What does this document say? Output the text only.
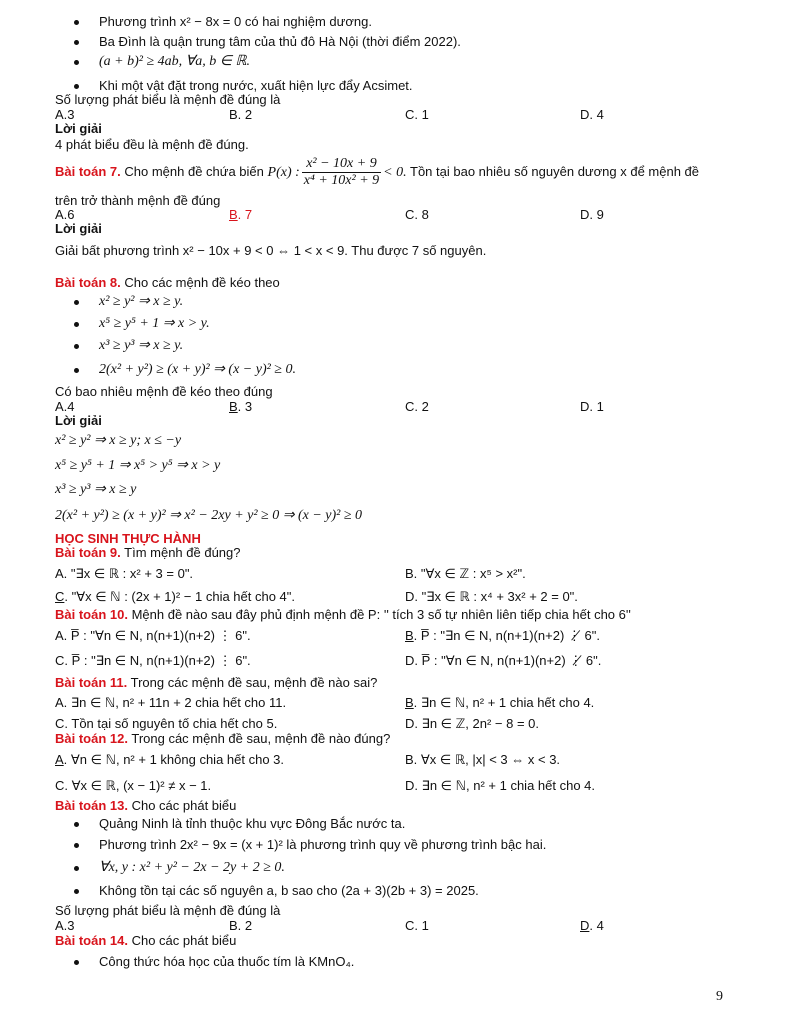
Phương trình x² − 8x = 0 có hai nghiệm dương.
Ba Đình là quận trung tâm của thủ đô Hà Nội (thời điểm 2022).
(a + b)² ≥ 4ab, ∀a, b ∈ ℝ.
Khi một vật đặt trong nước, xuất hiện lực đẩy Acsimet.
Số lượng phát biểu là mệnh đề đúng là
A.3	B. 2	C. 1	D. 4
Lời giải
4 phát biểu đều là mệnh đề đúng.
Bài toán 7. Cho mệnh đề chứa biến P(x) : $\frac{\text{x² − 10x + 9}}{\text{x⁴ + 10x² + 9}} < 0$. Tồn tại bao nhiêu số nguyên dương x để mệnh đề
trên trở thành mệnh đề đúng
A.6	B. 7	C. 8	D. 9
Lời giải
Giải bất phương trình x² − 10x + 9 < 0 ⇔ 1 < x < 9. Thu được 7 số nguyên.
Bài toán 8. Cho các mệnh đề kéo theo
x² ≥ y² ⇒ x ≥ y.
x⁵ ≥ y⁵ + 1 ⇒ x > y.
x³ ≥ y³ ⇒ x ≥ y.
2(x² + y²) ≥ (x + y)² ⇒ (x − y)² ≥ 0.
Có bao nhiêu mệnh đề kéo theo đúng
A.4	B. 3	C. 2	D. 1
Lời giải
x² ≥ y² ⇒ x ≥ y; x ≤ −y
x⁵ ≥ y⁵ + 1 ⇒ x⁵ > y⁵ ⇒ x > y
x³ ≥ y³ ⇒ x ≥ y
2(x² + y²) ≥ (x + y)² ⇒ x² − 2xy + y² ≥ 0 ⇒ (x − y)² ≥ 0
HỌC SINH THỰC HÀNH
Bài toán 9. Tìm mệnh đề đúng?
A. "∃x ∈ ℝ : x² + 3 = 0".	B. "∀x ∈ ℤ : x⁵ > x²".
C. "∀x ∈ ℕ : (2x + 1)² − 1 chia hết cho 4".	D. "∃x ∈ ℝ : x⁴ + 3x² + 2 = 0".
Bài toán 10. Mệnh đề nào sau đây phủ định mệnh đề P: '' tích 3 số tự nhiên liên tiếp chia hết cho 6''
A. P̅ : "∀n ∈ N, n(n+1)(n+2) ⋮ 6".	B. P̅ : "∃n ∈ N, n(n+1)(n+2) ⋮̸ 6".
C. P̅ : "∃n ∈ N, n(n+1)(n+2) ⋮ 6".	D. P̅ : "∀n ∈ N, n(n+1)(n+2) ⋮̸ 6".
Bài toán 11. Trong các mệnh đề sau, mệnh đề nào sai?
A. ∃n ∈ ℕ, n² + 11n + 2 chia hết cho 11.	B. ∃n ∈ ℕ, n² + 1 chia hết cho 4.
C. Tồn tại số nguyên tố chia hết cho 5.	D. ∃n ∈ ℤ, 2n² − 8 = 0.
Bài toán 12. Trong các mệnh đề sau, mệnh đề nào đúng?
A. ∀n ∈ ℕ, n² + 1 không chia hết cho 3.	B. ∀x ∈ ℝ, |x| < 3 ⇔ x < 3.
C. ∀x ∈ ℝ, (x − 1)² ≠ x − 1.	D. ∃n ∈ ℕ, n² + 1 chia hết cho 4.
Bài toán 13. Cho các phát biểu
Quảng Ninh là tỉnh thuộc khu vực Đông Bắc nước ta.
Phương trình 2x² − 9x = (x + 1)² là phương trình quy về phương trình bậc hai.
∀x, y : x² + y² − 2x − 2y + 2 ≥ 0.
Không tồn tại các số nguyên a, b sao cho (2a + 3)(2b + 3) = 2025.
Số lượng phát biểu là mệnh đề đúng là
A.3	B. 2	C. 1	D. 4
Bài toán 14. Cho các phát biểu
Công thức hóa học của thuốc tím là KMnO₄.
9
